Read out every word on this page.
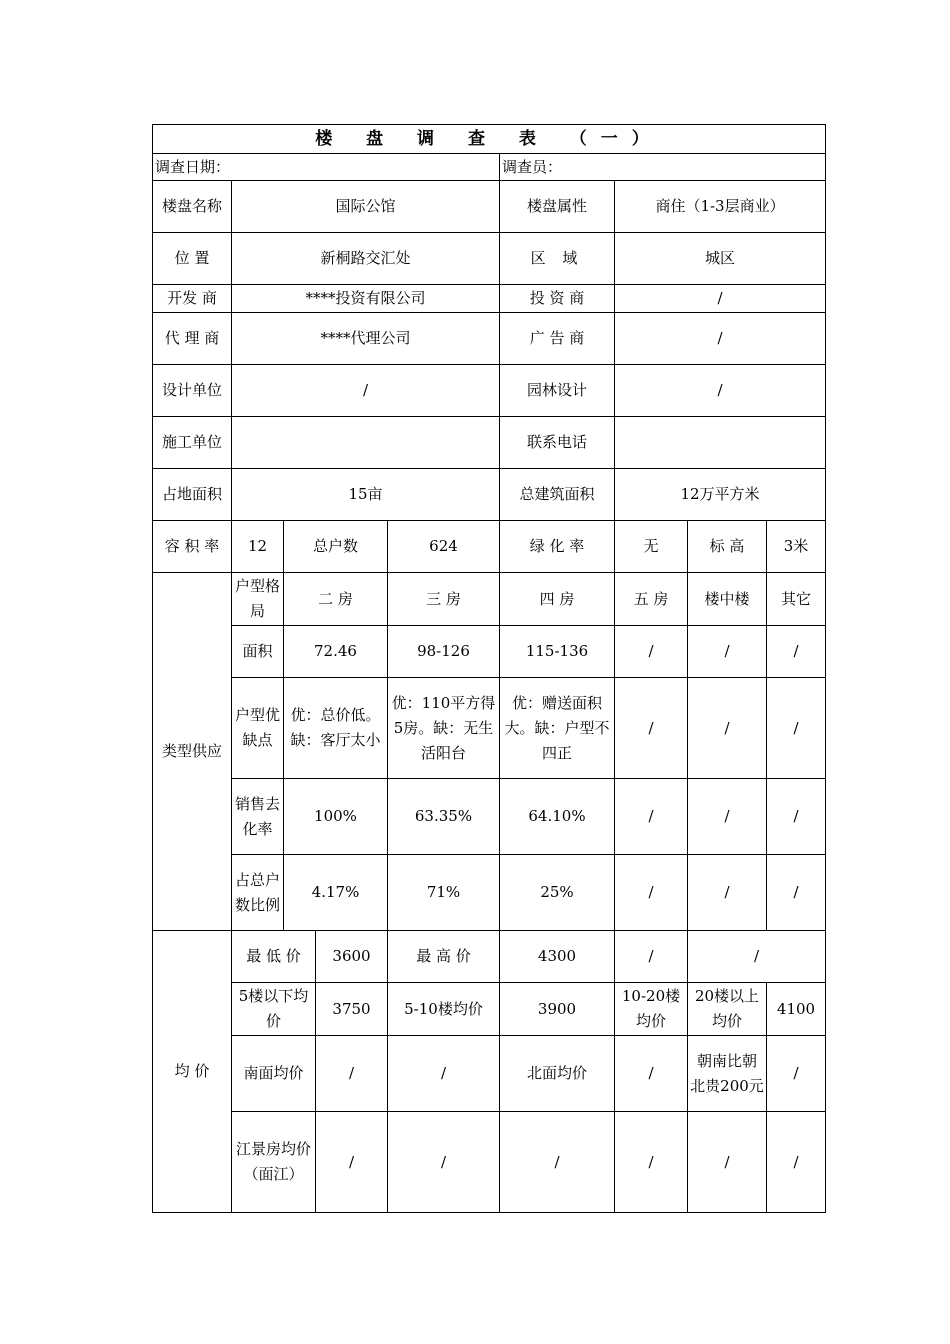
楼 盘 调 查 表 （一）								
调查日期：					调查员：			
楼盘名称	国际公馆				楼盘属性	商住（1-3层商业）		
位 置	新桐路交汇处				区 域	城区		
开发 商	****投资有限公司				投 资 商	/		
代 理 商	****代理公司				广 告 商	/		
设计单位	/				园林设计	/		
施工单位					联系电话			
占地面积	15亩				总建筑面积	12万平方米		
容 积 率	12	总户数		624	绿 化 率	无	标 高	3米
类型供应	户型格局	二 房		三 房	四 房	五 房	楼中楼	其它
	面积	72.46		98-126	115-136	/	/	/
	户型优缺点	优：总价低。缺：客厅太小		优：110平方得5房。缺：无生活阳台	优：赠送面积大。缺：户型不四正	/	/	/
	销售去化率	100%		63.35%	64.10%	/	/	/
	占总户数比例	4.17%		71%	25%	/	/	/
均 价	最 低 价		3600	最 高 价	4300	/	/	
	5楼以下均价		3750	5-10楼均价	3900	10-20楼均价	20楼以上均价	4100
	南面均价		/	/	北面均价	/	朝南比朝北贵200元	/
	江景房均价（面江）		/	/	/	/	/	/
